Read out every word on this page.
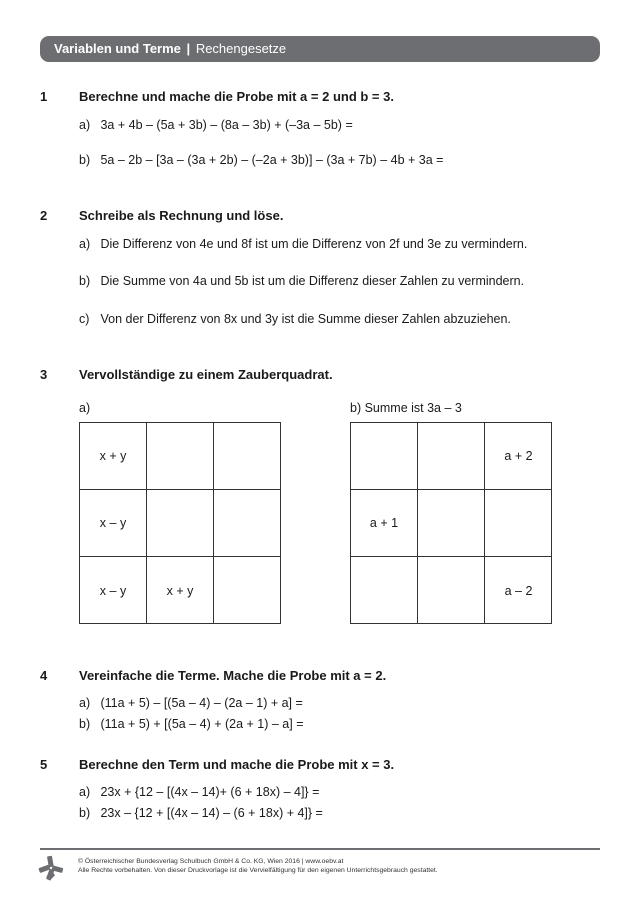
Variablen und Terme | Rechengesetze
1 Berechne und mache die Probe mit a = 2 und b = 3.
a) 3a + 4b – (5a + 3b) – (8a – 3b) + (–3a – 5b) =
b) 5a – 2b – [3a – (3a + 2b) – (–2a + 3b)] – (3a + 7b) – 4b + 3a =
2 Schreibe als Rechnung und löse.
a) Die Differenz von 4e und 8f ist um die Differenz von 2f und 3e zu vermindern.
b) Die Summe von 4a und 5b ist um die Differenz dieser Zahlen zu vermindern.
c) Von der Differenz von 8x und 3y ist die Summe dieser Zahlen abzuziehen.
3 Vervollständige zu einem Zauberquadrat.
a)
x + y
x – y
x – y	x + y
b) Summe ist 3a – 3
a + 2
a + 1
a – 2
4 Vereinfache die Terme. Mache die Probe mit a = 2.
a) (11a + 5) – [(5a – 4) – (2a – 1) + a] =
b) (11a + 5) + [(5a – 4) + (2a + 1) – a] =
5 Berechne den Term und mache die Probe mit x = 3.
a) 23x + {12 – [(4x – 14)+ (6 + 18x) – 4]} =
b) 23x – {12 + [(4x – 14) – (6 + 18x) + 4]} =
© Österreichischer Bundesverlag Schulbuch GmbH & Co. KG, Wien 2016 | www.oebv.at
Alle Rechte vorbehalten. Von dieser Druckvorlage ist die Vervielfältigung für den eigenen Unterrichtsgebrauch gestattet.
